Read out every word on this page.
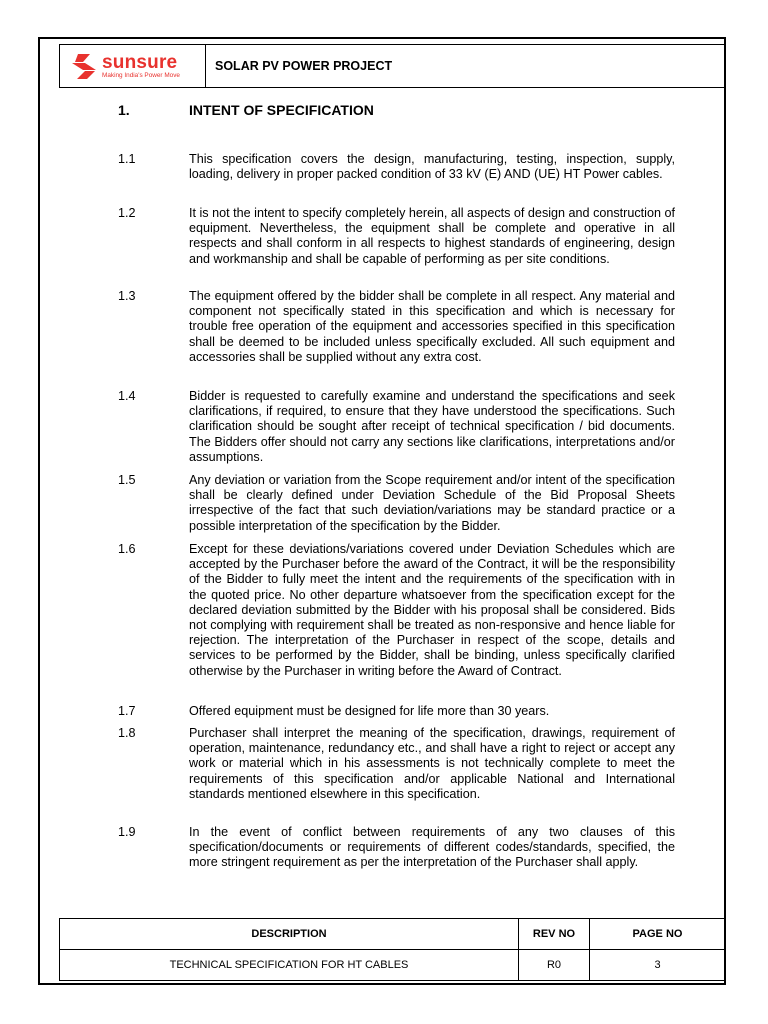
sunsure
Making India's Power Move
SOLAR PV POWER PROJECT
1.	INTENT OF SPECIFICATION
1.1	This specification covers the design, manufacturing, testing, inspection, supply, loading, delivery in proper packed condition of 33 kV (E) AND (UE) HT Power cables.
1.2	It is not the intent to specify completely herein, all aspects of design and construction of equipment. Nevertheless, the equipment shall be complete and operative in all respects and shall conform in all respects to highest standards of engineering, design and workmanship and shall be capable of performing as per site conditions.
1.3	The equipment offered by the bidder shall be complete in all respect. Any material and component not specifically stated in this specification and which is necessary for trouble free operation of the equipment and accessories specified in this specification shall be deemed to be included unless specifically excluded. All such equipment and accessories shall be supplied without any extra cost.
1.4	Bidder is requested to carefully examine and understand the specifications and seek clarifications, if required, to ensure that they have understood the specifications. Such clarification should be sought after receipt of technical specification / bid documents. The Bidders offer should not carry any sections like clarifications, interpretations and/or assumptions.
1.5	Any deviation or variation from the Scope requirement and/or intent of the specification shall be clearly defined under Deviation Schedule of the Bid Proposal Sheets irrespective of the fact that such deviation/variations may be standard practice or a possible interpretation of the specification by the Bidder.
1.6	Except for these deviations/variations covered under Deviation Schedules which are accepted by the Purchaser before the award of the Contract, it will be the responsibility of the Bidder to fully meet the intent and the requirements of the specification with in the quoted price. No other departure whatsoever from the specification except for the declared deviation submitted by the Bidder with his proposal shall be considered. Bids not complying with requirement shall be treated as non-responsive and hence liable for rejection. The interpretation of the Purchaser in respect of the scope, details and services to be performed by the Bidder, shall be binding, unless specifically clarified otherwise by the Purchaser in writing before the Award of Contract.
1.7	Offered equipment must be designed for life more than 30 years.
1.8	Purchaser shall interpret the meaning of the specification, drawings, requirement of operation, maintenance, redundancy etc., and shall have a right to reject or accept any work or material which in his assessments is not technically complete to meet the requirements of this specification and/or applicable National and International standards mentioned elsewhere in this specification.
1.9	In the event of conflict between requirements of any two clauses of this specification/documents or requirements of different codes/standards, specified, the more stringent requirement as per the interpretation of the Purchaser shall apply.
DESCRIPTION	REV NO	PAGE NO
TECHNICAL SPECIFICATION FOR HT CABLES	R0	3
